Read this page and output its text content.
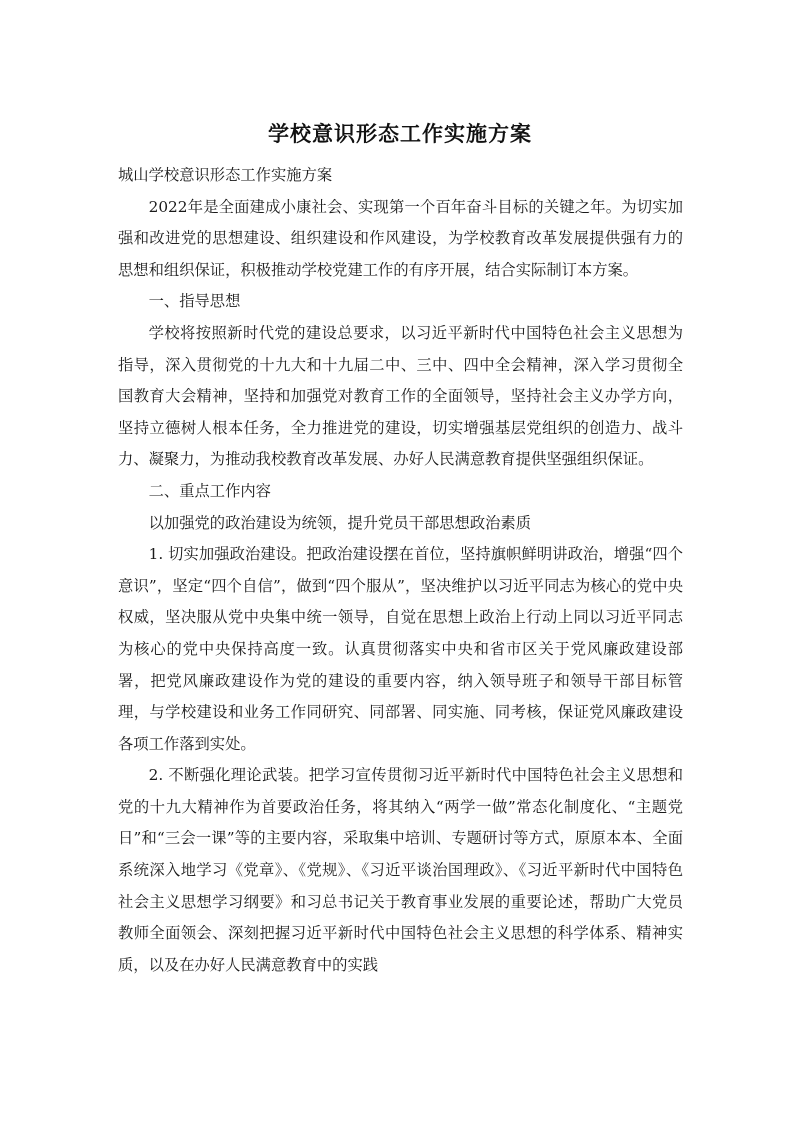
学校意识形态工作实施方案

城山学校意识形态工作实施方案

2022年是全面建成小康社会、实现第一个百年奋斗目标的关键之年。为切实加强和改进党的思想建设、组织建设和作风建设，为学校教育改革发展提供强有力的思想和组织保证，积极推动学校党建工作的有序开展，结合实际制订本方案。

一、指导思想

学校将按照新时代党的建设总要求，以习近平新时代中国特色社会主义思想为指导，深入贯彻党的十九大和十九届二中、三中、四中全会精神，深入学习贯彻全国教育大会精神，坚持和加强党对教育工作的全面领导，坚持社会主义办学方向，坚持立德树人根本任务，全力推进党的建设，切实增强基层党组织的创造力、战斗力、凝聚力，为推动我校教育改革发展、办好人民满意教育提供坚强组织保证。

二、重点工作内容

以加强党的政治建设为统领，提升党员干部思想政治素质

1. 切实加强政治建设。把政治建设摆在首位，坚持旗帜鲜明讲政治，增强“四个意识”，坚定“四个自信”，做到“四个服从”，坚决维护以习近平同志为核心的党中央权威，坚决服从党中央集中统一领导，自觉在思想上政治上行动上同以习近平同志为核心的党中央保持高度一致。认真贯彻落实中央和省市区关于党风廉政建设部署，把党风廉政建设作为党的建设的重要内容，纳入领导班子和领导干部目标管理，与学校建设和业务工作同研究、同部署、同实施、同考核，保证党风廉政建设各项工作落到实处。

2. 不断强化理论武装。把学习宣传贯彻习近平新时代中国特色社会主义思想和党的十九大精神作为首要政治任务，将其纳入“两学一做”常态化制度化、“主题党日”和“三会一课”等的主要内容，采取集中培训、专题研讨等方式，原原本本、全面系统深入地学习《党章》、《党规》、《习近平谈治国理政》、《习近平新时代中国特色社会主义思想学习纲要》和习总书记关于教育事业发展的重要论述，帮助广大党员教师全面领会、深刻把握习近平新时代中国特色社会主义思想的科学体系、精神实质，以及在办好人民满意教育中的实践
